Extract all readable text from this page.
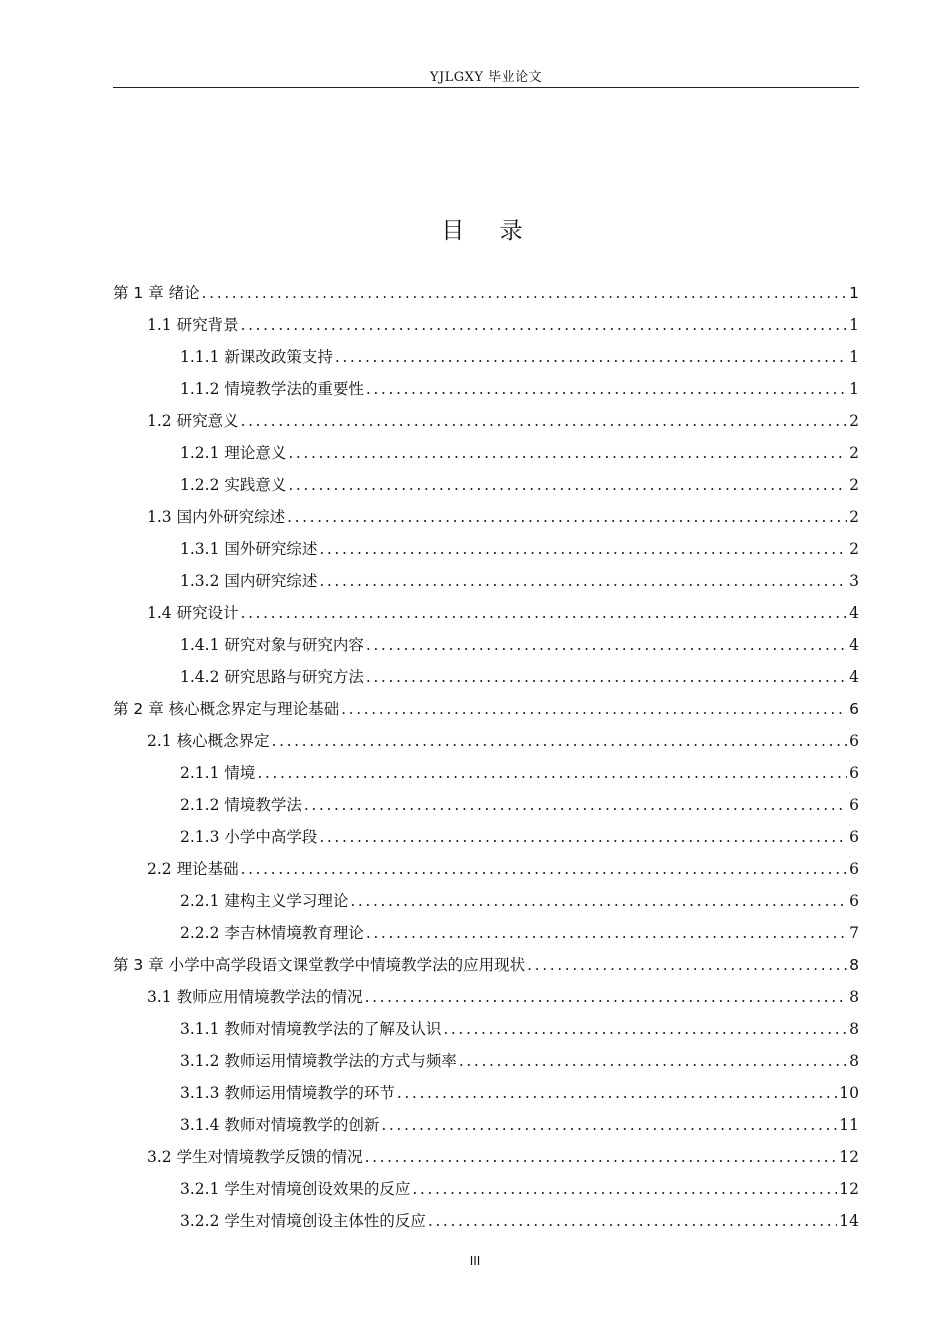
YJLGXY 毕业论文
目 录
第 1 章 绪论 .....	1
1.1 研究背景 .....	1
1.1.1 新课改政策支持 .....	1
1.1.2 情境教学法的重要性 .....	1
1.2 研究意义 .....	2
1.2.1 理论意义 .....	2
1.2.2 实践意义 .....	2
1.3 国内外研究综述 .....	2
1.3.1 国外研究综述 .....	2
1.3.2 国内研究综述 .....	3
1.4 研究设计 .....	4
1.4.1 研究对象与研究内容 .....	4
1.4.2 研究思路与研究方法 .....	4
第 2 章 核心概念界定与理论基础 .....	6
2.1 核心概念界定 .....	6
2.1.1 情境 .....	6
2.1.2 情境教学法 .....	6
2.1.3 小学中高学段 .....	6
2.2 理论基础 .....	6
2.2.1 建构主义学习理论 .....	6
2.2.2 李吉林情境教育理论 .....	7
第 3 章 小学中高学段语文课堂教学中情境教学法的应用现状 .....	8
3.1 教师应用情境教学法的情况 .....	8
3.1.1 教师对情境教学法的了解及认识 .....	8
3.1.2 教师运用情境教学法的方式与频率 .....	8
3.1.3 教师运用情境教学的环节 .....	10
3.1.4 教师对情境教学的创新 .....	11
3.2 学生对情境教学反馈的情况 .....	12
3.2.1 学生对情境创设效果的反应 .....	12
3.2.2 学生对情境创设主体性的反应 .....	14
III
